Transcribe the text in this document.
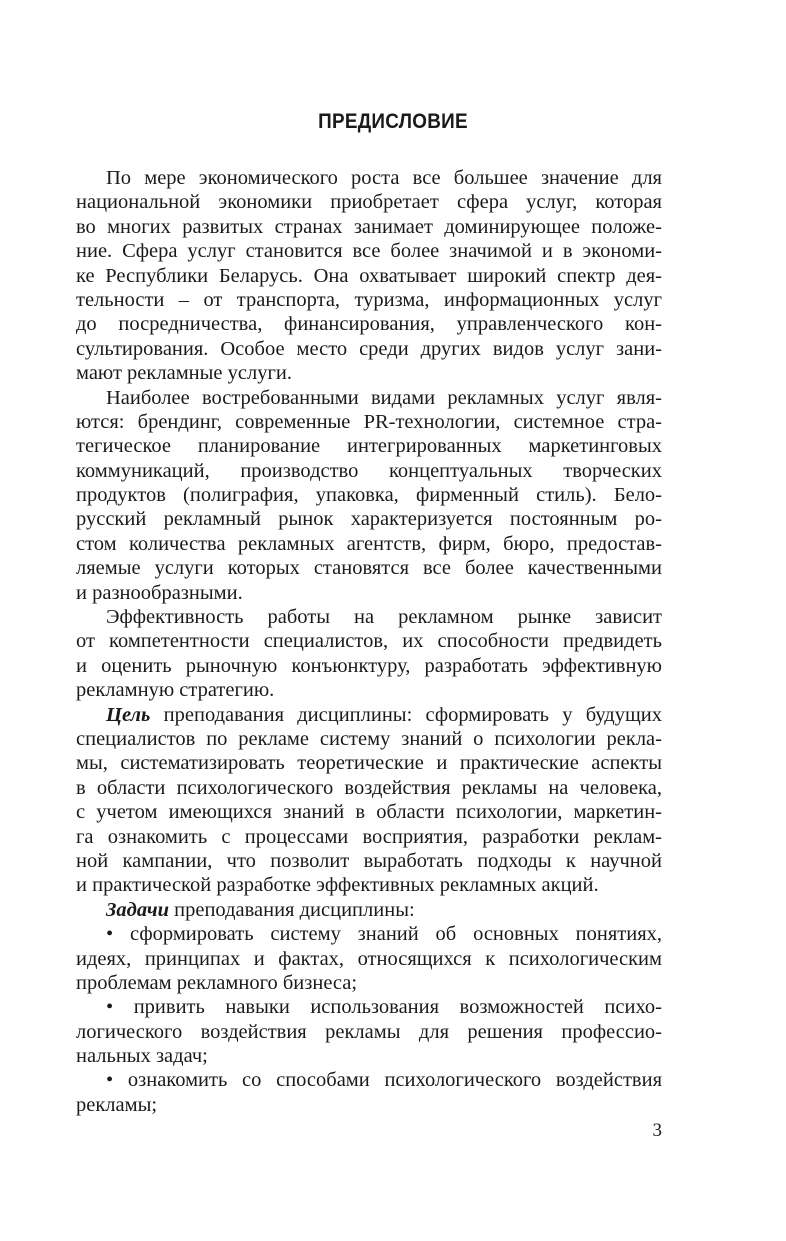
ПРЕДИСЛОВИЕ
По мере экономического роста все большее значение для
национальной экономики приобретает сфера услуг, которая
во многих развитых странах занимает доминирующее положе-
ние. Сфера услуг становится все более значимой и в экономи-
ке Республики Беларусь. Она охватывает широкий спектр дея-
тельности – от транспорта, туризма, информационных услуг
до посредничества, финансирования, управленческого кон-
сультирования. Особое место среди других видов услуг зани-
мают рекламные услуги.
Наиболее востребованными видами рекламных услуг явля-
ются: брендинг, современные PR-технологии, системное стра-
тегическое планирование интегрированных маркетинговых
коммуникаций, производство концептуальных творческих
продуктов (полиграфия, упаковка, фирменный стиль). Бело-
русский рекламный рынок характеризуется постоянным ро-
стом количества рекламных агентств, фирм, бюро, предостав-
ляемые услуги которых становятся все более качественными
и разнообразными.
Эффективность работы на рекламном рынке зависит
от компетентности специалистов, их способности предвидеть
и оценить рыночную конъюнктуру, разработать эффективную
рекламную стратегию.
Цель преподавания дисциплины: сформировать у будущих
специалистов по рекламе систему знаний о психологии рекла-
мы, систематизировать теоретические и практические аспекты
в области психологического воздействия рекламы на человека,
с учетом имеющихся знаний в области психологии, маркетин-
га ознакомить с процессами восприятия, разработки реклам-
ной кампании, что позволит выработать подходы к научной
и практической разработке эффективных рекламных акций.
Задачи преподавания дисциплины:
• сформировать систему знаний об основных понятиях,
идеях, принципах и фактах, относящихся к психологическим
проблемам рекламного бизнеса;
• привить навыки использования возможностей психо-
логического воздействия рекламы для решения профессио-
нальных задач;
• ознакомить со способами психологического воздействия
рекламы;
3
